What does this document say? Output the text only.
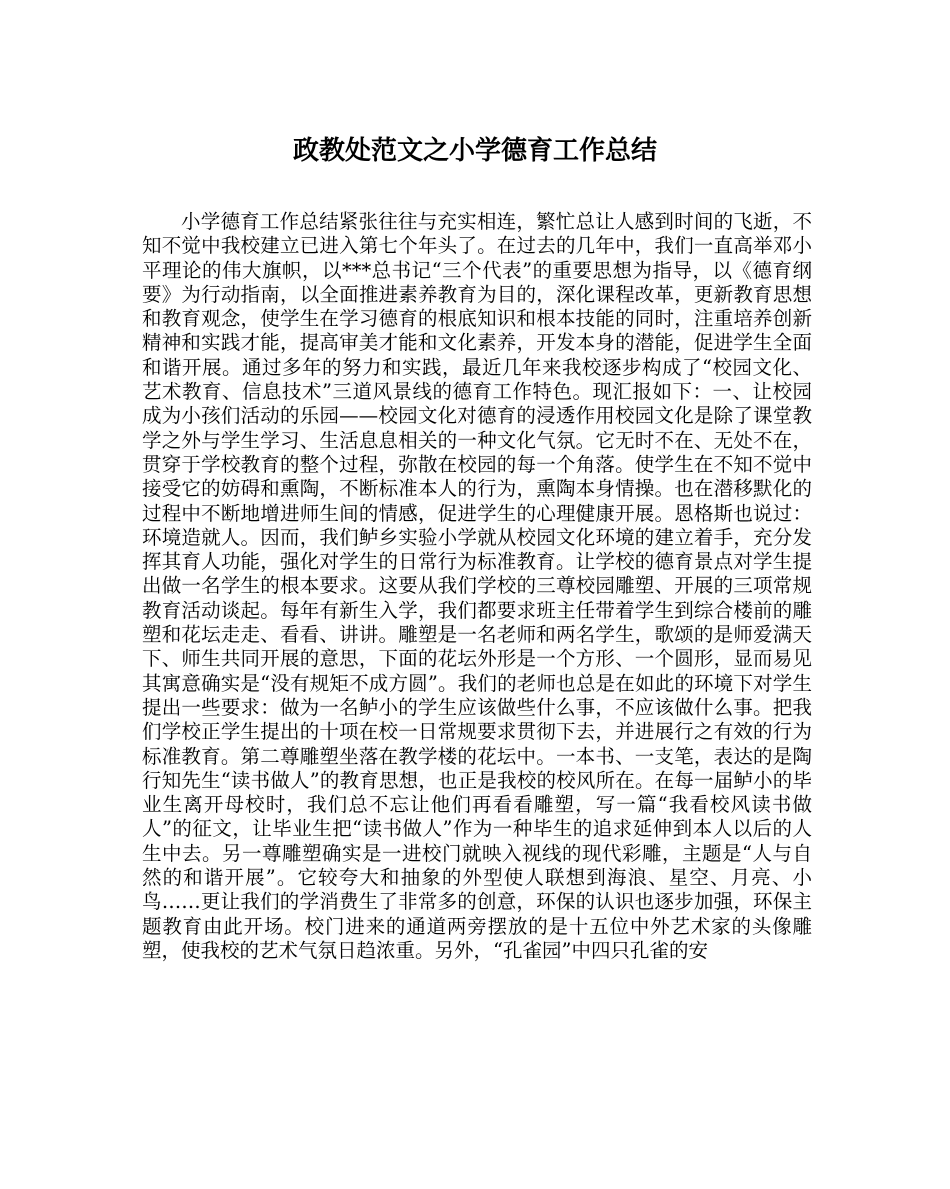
政教处范文之小学德育工作总结

小学德育工作总结紧张往往与充实相连，繁忙总让人感到时间的飞逝，不知不觉中我校建立已进入第七个年头了。在过去的几年中，我们一直高举邓小平理论的伟大旗帜，以***总书记“三个代表”的重要思想为指导，以《德育纲要》为行动指南，以全面推进素养教育为目的，深化课程改革，更新教育思想和教育观念，使学生在学习德育的根底知识和根本技能的同时，注重培养创新精神和实践才能，提高审美才能和文化素养，开发本身的潜能，促进学生全面和谐开展。通过多年的努力和实践，最近几年来我校逐步构成了“校园文化、艺术教育、信息技术”三道风景线的德育工作特色。现汇报如下：一、让校园成为小孩们活动的乐园——校园文化对德育的浸透作用校园文化是除了课堂教学之外与学生学习、生活息息相关的一种文化气氛。它无时不在、无处不在，贯穿于学校教育的整个过程，弥散在校园的每一个角落。使学生在不知不觉中接受它的妨碍和熏陶，不断标准本人的行为，熏陶本身情操。也在潜移默化的过程中不断地增进师生间的情感，促进学生的心理健康开展。恩格斯也说过：环境造就人。因而，我们鲈乡实验小学就从校园文化环境的建立着手，充分发挥其育人功能，强化对学生的日常行为标准教育。让学校的德育景点对学生提出做一名学生的根本要求。这要从我们学校的三尊校园雕塑、开展的三项常规教育活动谈起。每年有新生入学，我们都要求班主任带着学生到综合楼前的雕塑和花坛走走、看看、讲讲。雕塑是一名老师和两名学生，歌颂的是师爱满天下、师生共同开展的意思，下面的花坛外形是一个方形、一个圆形，显而易见其寓意确实是“没有规矩不成方圆”。我们的老师也总是在如此的环境下对学生提出一些要求：做为一名鲈小的学生应该做些什么事，不应该做什么事。把我们学校正学生提出的十项在校一日常规要求贯彻下去，并进展行之有效的行为标准教育。第二尊雕塑坐落在教学楼的花坛中。一本书、一支笔，表达的是陶行知先生“读书做人”的教育思想，也正是我校的校风所在。在每一届鲈小的毕业生离开母校时，我们总不忘让他们再看看雕塑，写一篇“我看校风读书做人”的征文，让毕业生把“读书做人”作为一种毕生的追求延伸到本人以后的人生中去。另一尊雕塑确实是一进校门就映入视线的现代彩雕，主题是“人与自然的和谐开展”。它较夸大和抽象的外型使人联想到海浪、星空、月亮、小鸟……更让我们的学消费生了非常多的创意，环保的认识也逐步加强，环保主题教育由此开场。校门进来的通道两旁摆放的是十五位中外艺术家的头像雕塑，使我校的艺术气氛日趋浓重。另外，“孔雀园”中四只孔雀的安
